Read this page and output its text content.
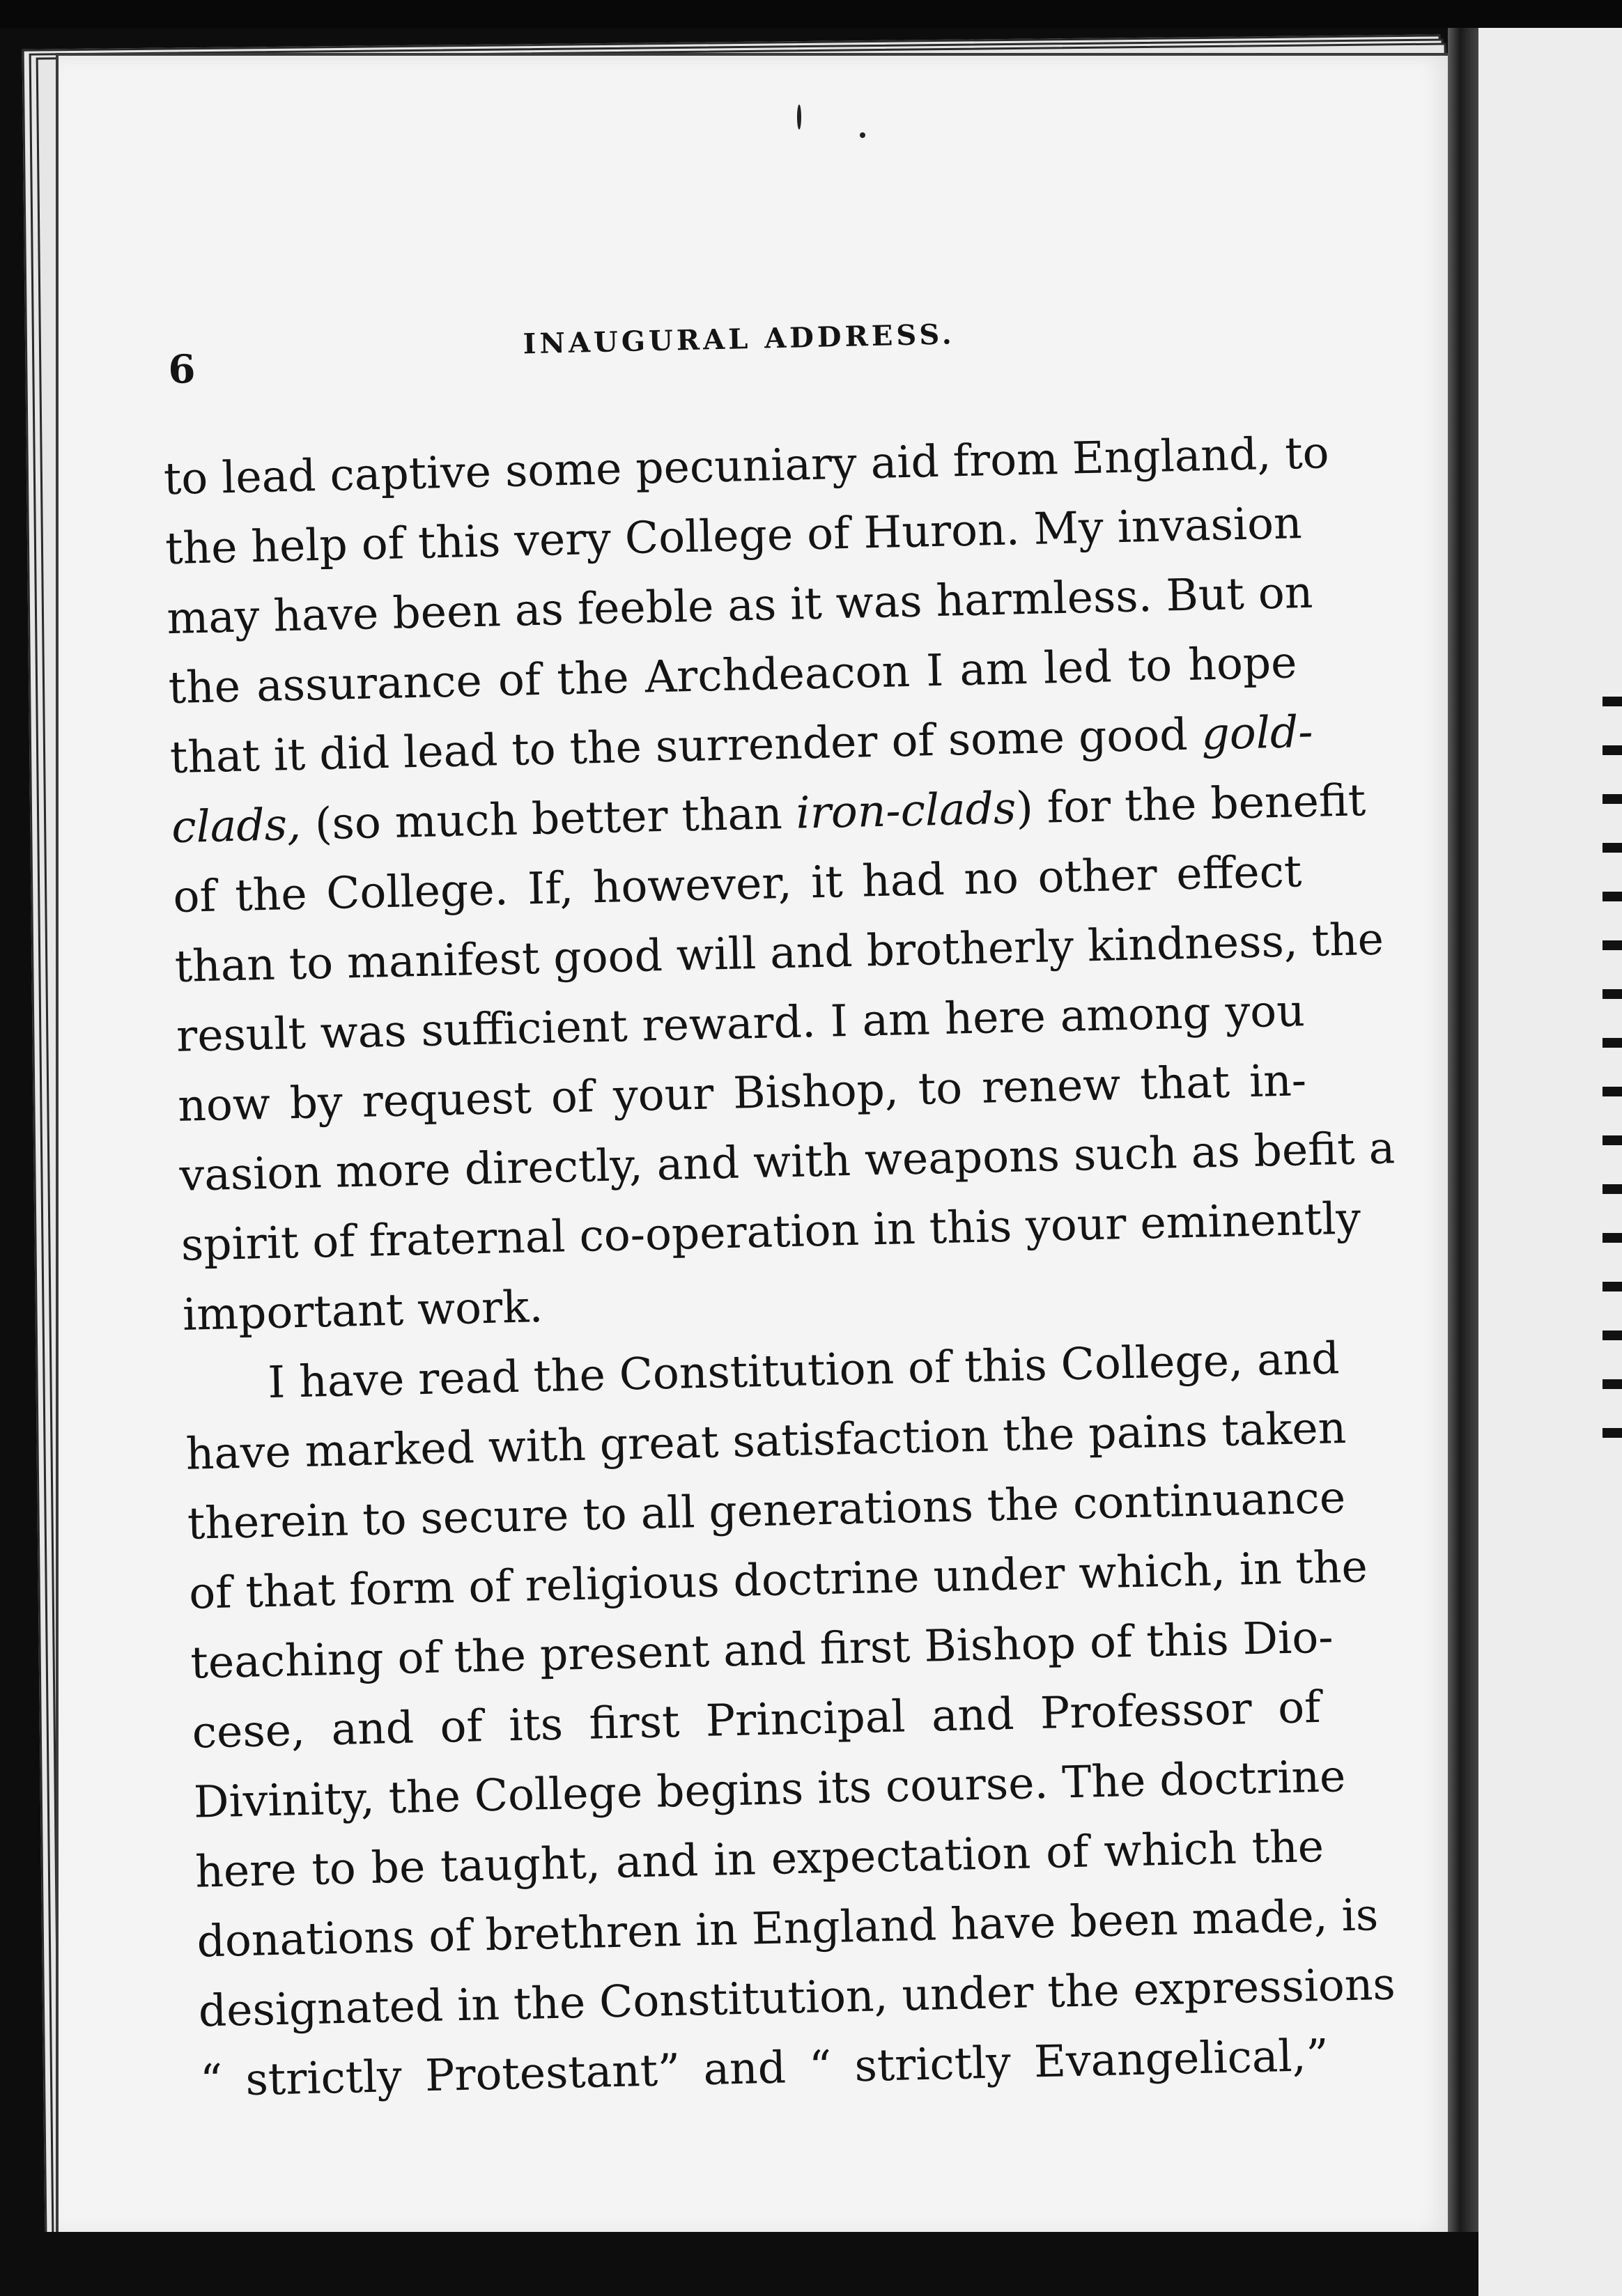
6
INAUGURAL ADDRESS.
to lead captive some pecuniary aid from England, to
the help of this very College of Huron. My invasion
may have been as feeble as it was harmless. But on
the assurance of the Archdeacon I am led to hope
that it did lead to the surrender of some good gold-
clads, (so much better than iron-clads) for the benefit
of the College. If, however, it had no other effect
than to manifest good will and brotherly kindness, the
result was sufficient reward. I am here among you
now by request of your Bishop, to renew that in-
vasion more directly, and with weapons such as befit a
spirit of fraternal co-operation in this your eminently
important work.
I have read the Constitution of this College, and
have marked with great satisfaction the pains taken
therein to secure to all generations the continuance
of that form of religious doctrine under which, in the
teaching of the present and first Bishop of this Dio-
cese, and of its first Principal and Professor of
Divinity, the College begins its course. The doctrine
here to be taught, and in expectation of which the
donations of brethren in England have been made, is
designated in the Constitution, under the expressions
“ strictly Protestant” and “ strictly Evangelical,”
